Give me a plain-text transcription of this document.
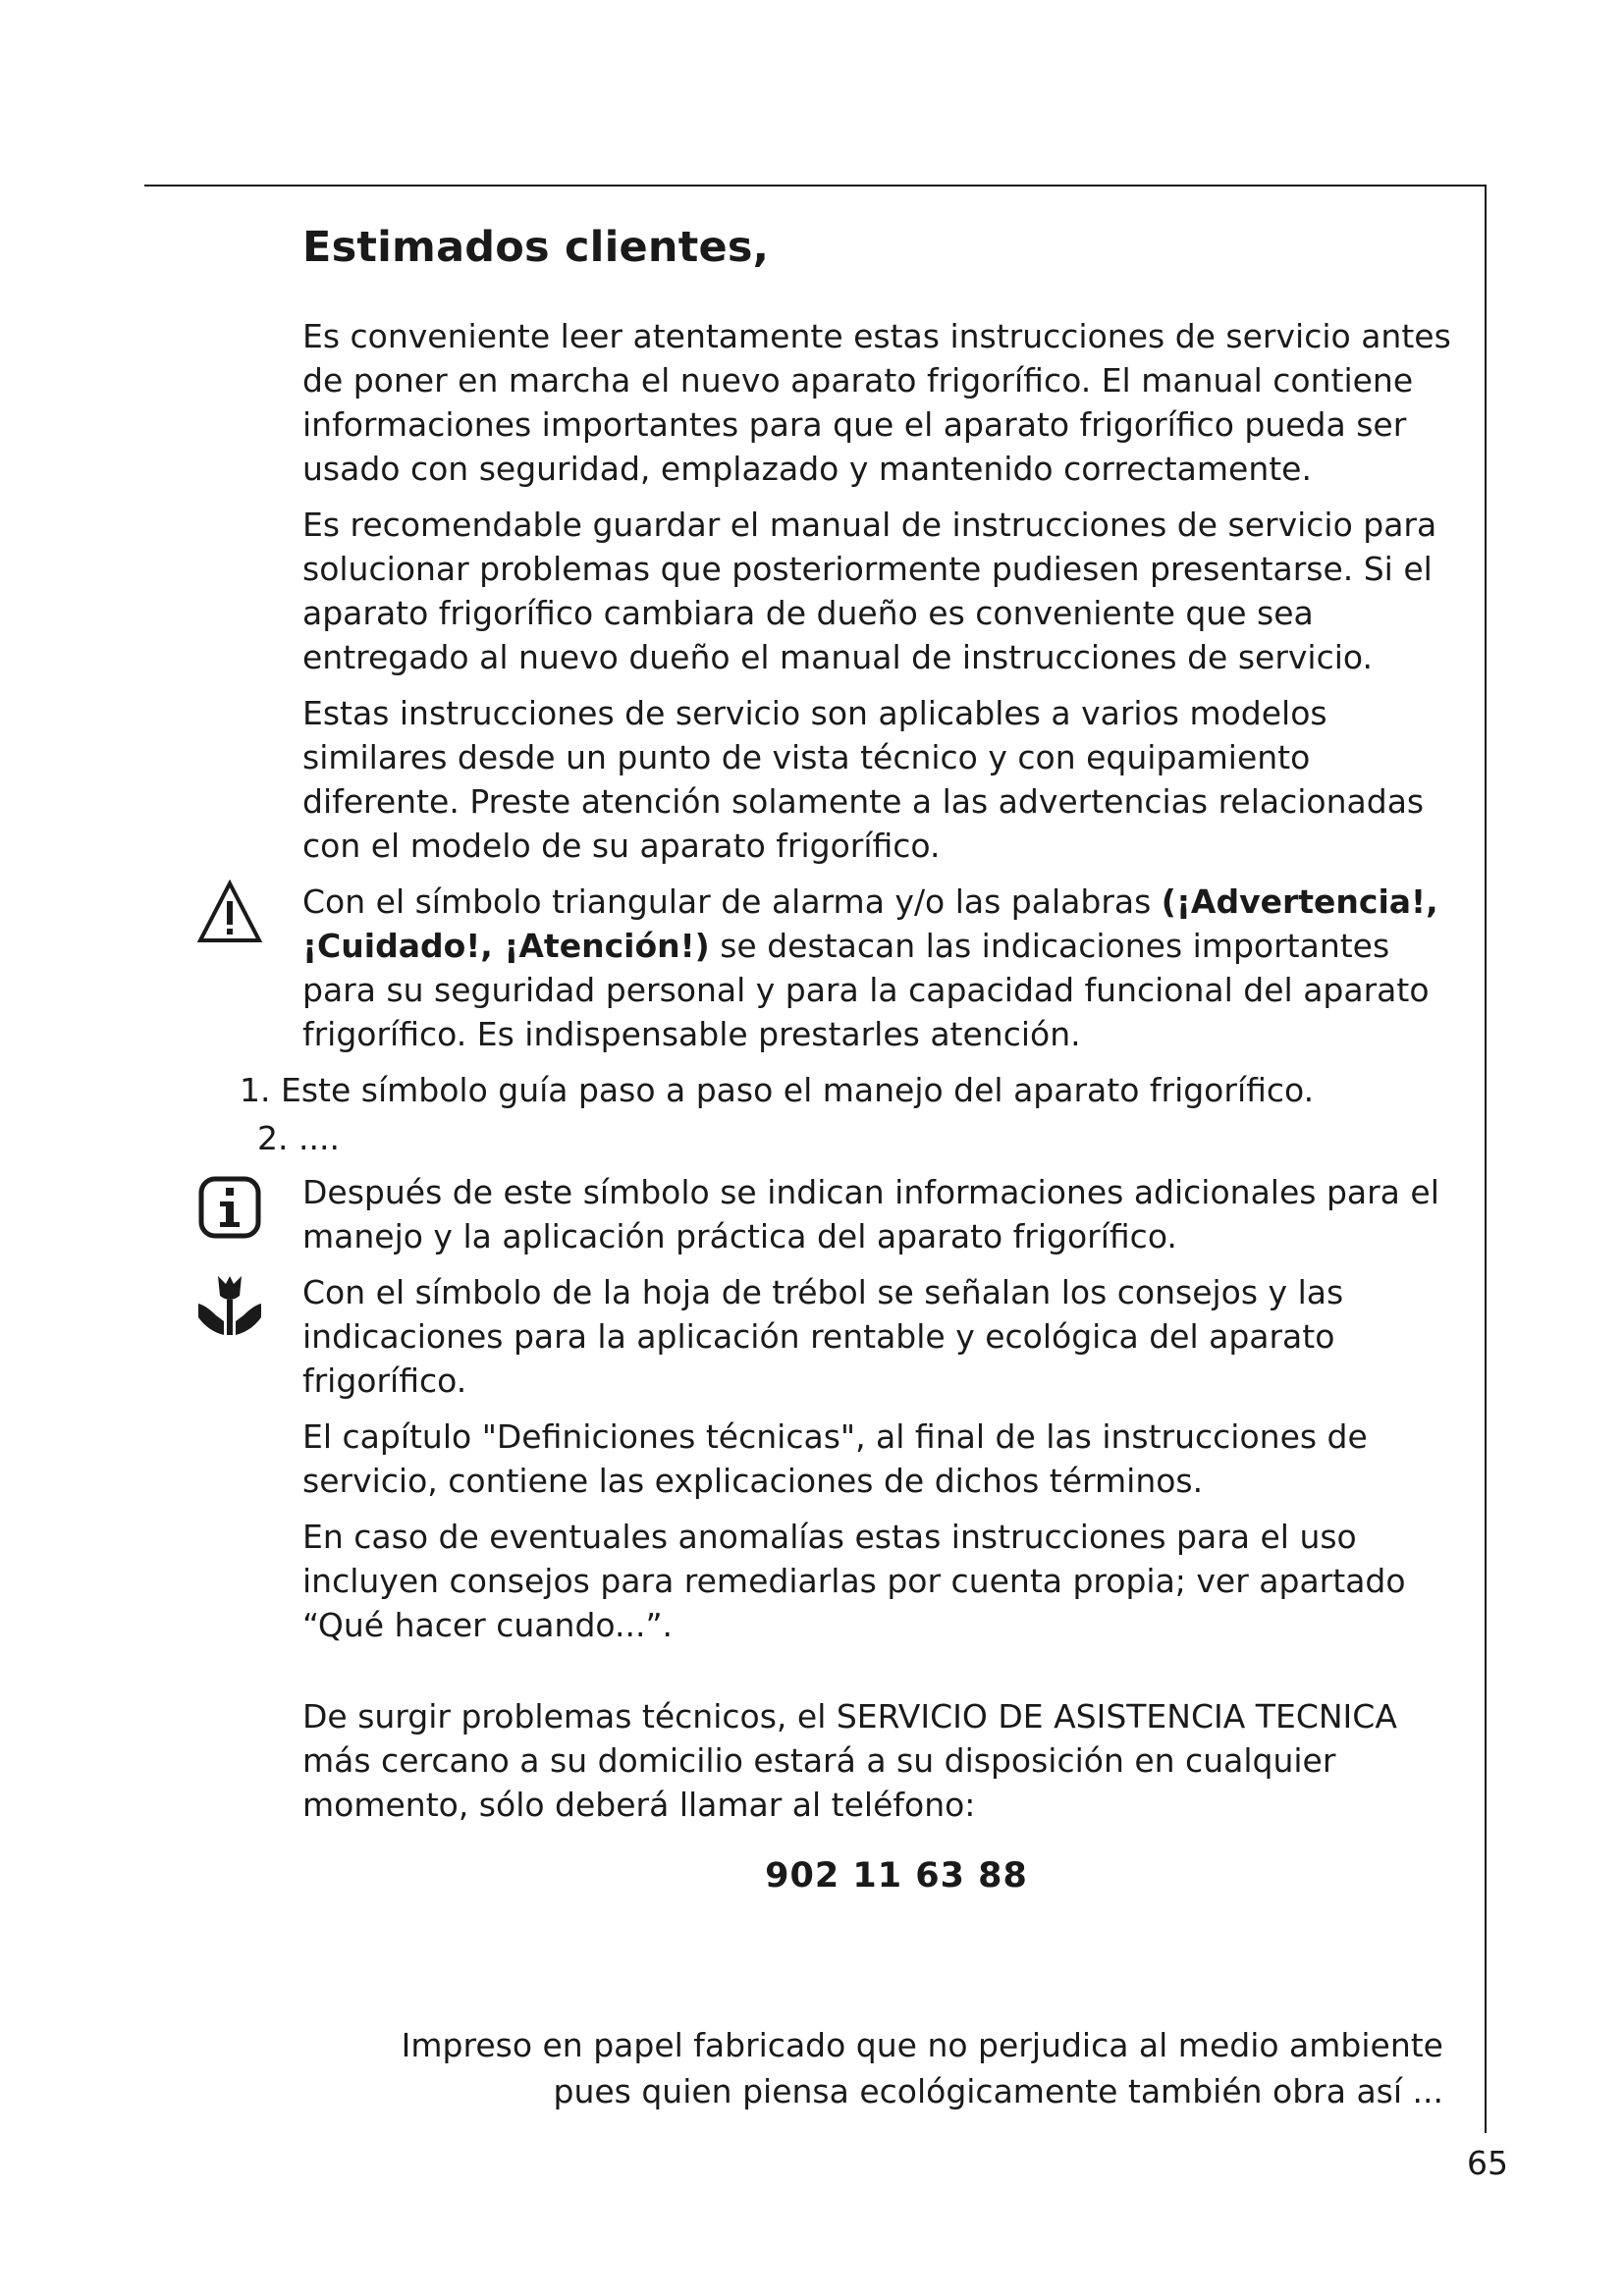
Estimados clientes,

Es conveniente leer atentamente estas instrucciones de servicio antes de poner en marcha el nuevo aparato frigorífico. El manual contiene informaciones importantes para que el aparato frigorífico pueda ser usado con seguridad, emplazado y mantenido correctamente.

Es recomendable guardar el manual de instrucciones de servicio para solucionar problemas que posteriormente pudiesen presentarse. Si el aparato frigorífico cambiara de dueño es conveniente que sea entregado al nuevo dueño el manual de instrucciones de servicio.

Estas instrucciones de servicio son aplicables a varios modelos similares desde un punto de vista técnico y con equipamiento diferente. Preste atención solamente a las advertencias relacionadas con el modelo de su aparato frigorífico.

Con el símbolo triangular de alarma y/o las palabras (¡Advertencia!, ¡Cuidado!, ¡Atención!) se destacan las indicaciones importantes para su seguridad personal y para la capacidad funcional del aparato frigorífico. Es indispensable prestarles atención.

1. Este símbolo guía paso a paso el manejo del aparato frigorífico.

2. ....

Después de este símbolo se indican informaciones adicionales para el manejo y la aplicación práctica del aparato frigorífico.

Con el símbolo de la hoja de trébol se señalan los consejos y las indicaciones para la aplicación rentable y ecológica del aparato frigorífico.

El capítulo "Definiciones técnicas", al final de las instrucciones de servicio, contiene las explicaciones de dichos términos.

En caso de eventuales anomalías estas instrucciones para el uso incluyen consejos para remediarlas por cuenta propia; ver apartado “Qué hacer cuando...”.

De surgir problemas técnicos, el SERVICIO DE ASISTENCIA TECNICA más cercano a su domicilio estará a su disposición en cualquier momento, sólo deberá llamar al teléfono:

902 11 63 88
Impreso en papel fabricado que no perjudica al medio ambiente
pues quien piensa ecológicamente también obra así ...
65
